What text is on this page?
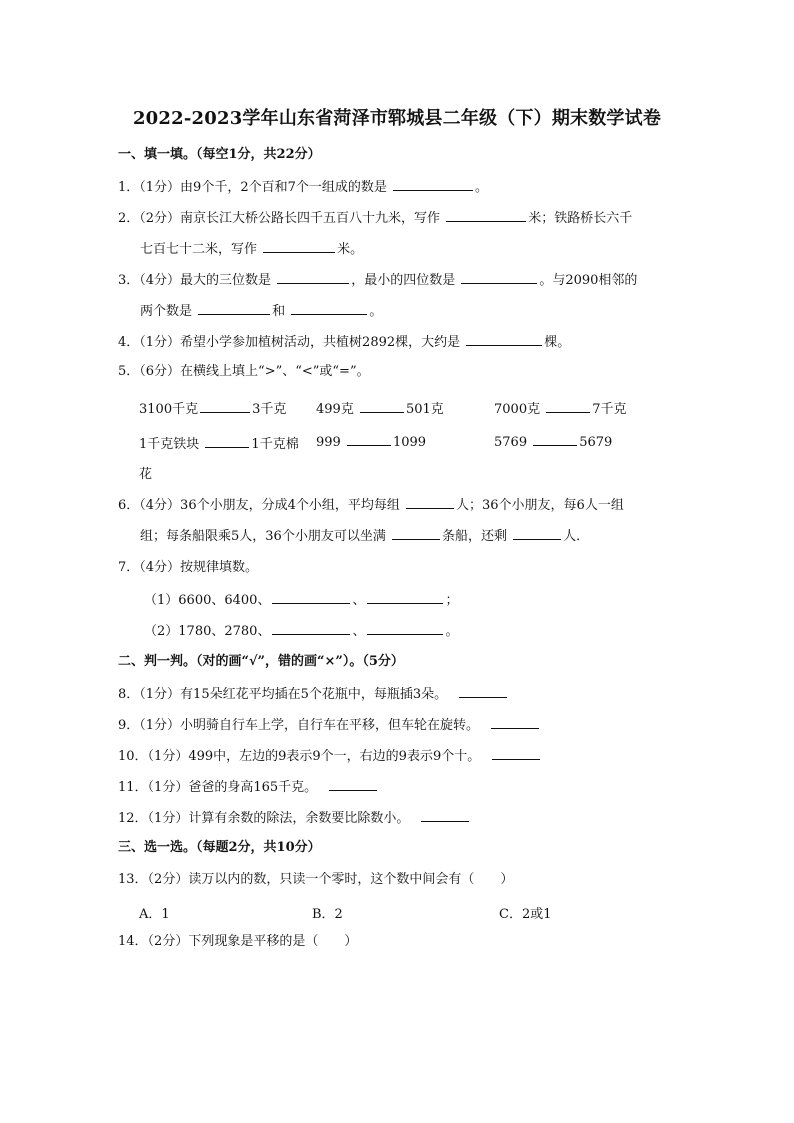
2022-2023学年山东省菏泽市郓城县二年级（下）期末数学试卷
一、填一填。（每空1分，共22分）
1．（1分）由9个千，2个百和7个一组成的数是	。
2．（2分）南京长江大桥公路长四千五百八十九米，写作	米；铁路桥长六千
七百七十二米，写作	米。
3．（4分）最大的三位数是	，最小的四位数是	。与2090相邻的
两个数是	和	。
4．（1分）希望小学参加植树活动，共植树2892棵，大约是	棵。
5．（6分）在横线上填上“>”、“<”或“=”。
3100千克	3千克 499克	501克	7000克	7千克
1千克铁块	1千克棉 999	1099	5769	5679
花
6．（4分）36个小朋友，分成4个小组，平均每组	人；36个小朋友，每6人一组
组；每条船限乘5人，36个小朋友可以坐满	条船，还剩	人．
7．（4分）按规律填数。
（1）6600、6400、	、	；
（2）1780、2780、	、	。
二、判一判。（对的画“√”，错的画“×”）。（5分）
8．（1分）有15朵红花平均插在5个花瓶中，每瓶插3朵。
9．（1分）小明骑自行车上学，自行车在平移，但车轮在旋转。
10．（1分）499中，左边的9表示9个一，右边的9表示9个十。
11．（1分）爸爸的身高165千克。
12．（1分）计算有余数的除法，余数要比除数小。
三、选一选。（每题2分，共10分）
13．（2分）读万以内的数，只读一个零时，这个数中间会有（　　）
A．1	B．2	C．2或1
14．（2分）下列现象是平移的是（　　）
